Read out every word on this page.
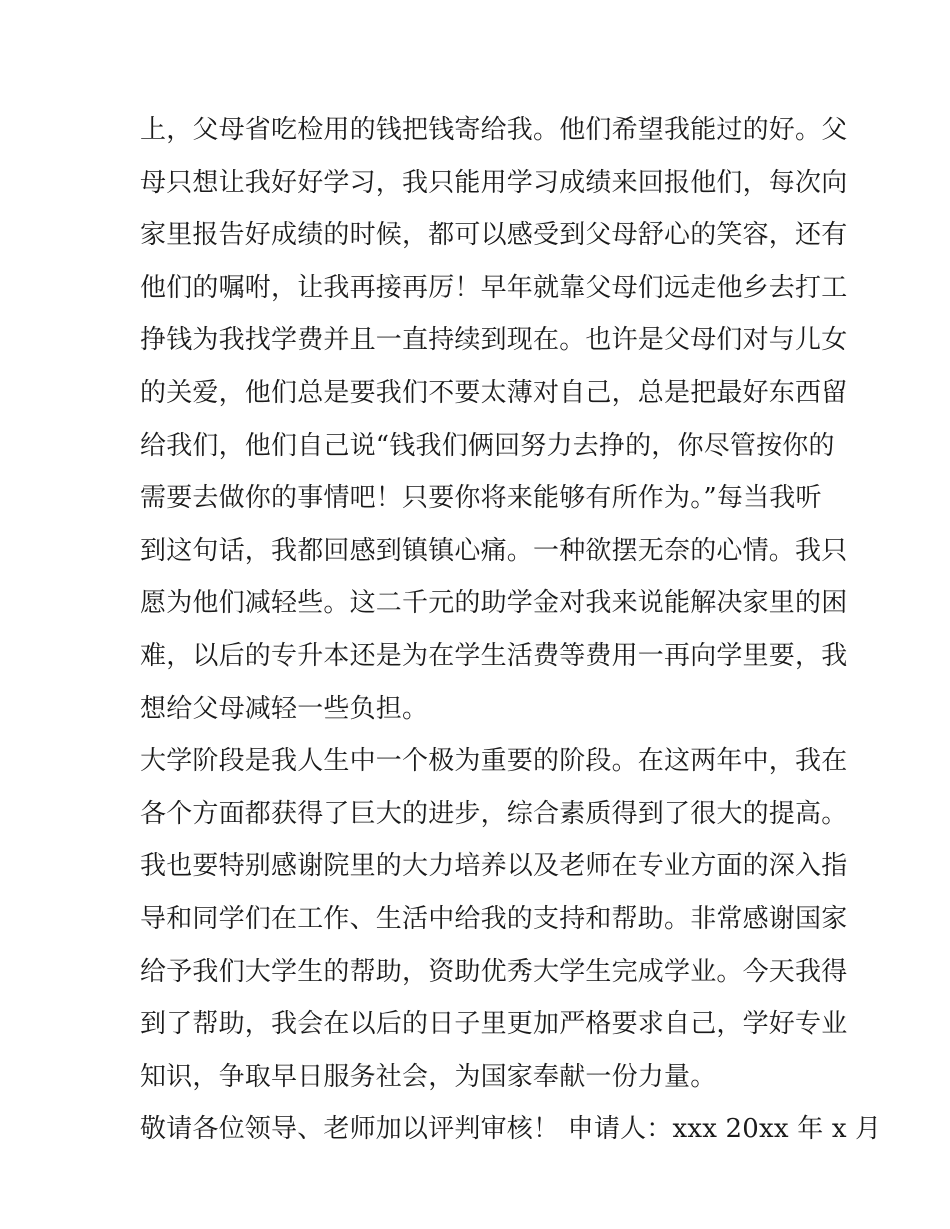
上，父母省吃检用的钱把钱寄给我。他们希望我能过的好。父
母只想让我好好学习，我只能用学习成绩来回报他们，每次向
家里报告好成绩的时候，都可以感受到父母舒心的笑容，还有
他们的嘱咐，让我再接再厉！早年就靠父母们远走他乡去打工
挣钱为我找学费并且一直持续到现在。也许是父母们对与儿女
的关爱，他们总是要我们不要太薄对自己，总是把最好东西留
给我们，他们自己说“钱我们俩回努力去挣的，你尽管按你的
需要去做你的事情吧！只要你将来能够有所作为。”每当我听
到这句话，我都回感到镇镇心痛。一种欲摆无奈的心情。我只
愿为他们减轻些。这二千元的助学金对我来说能解决家里的困
难，以后的专升本还是为在学生活费等费用一再向学里要，我
想给父母减轻一些负担。
大学阶段是我人生中一个极为重要的阶段。在这两年中，我在
各个方面都获得了巨大的进步，综合素质得到了很大的提高。
我也要特别感谢院里的大力培养以及老师在专业方面的深入指
导和同学们在工作、生活中给我的支持和帮助。非常感谢国家
给予我们大学生的帮助，资助优秀大学生完成学业。今天我得
到了帮助，我会在以后的日子里更加严格要求自己，学好专业
知识，争取早日服务社会，为国家奉献一份力量。
敬请各位领导、老师加以评判审核！ 申请人：xxx 20xx 年 x 月
